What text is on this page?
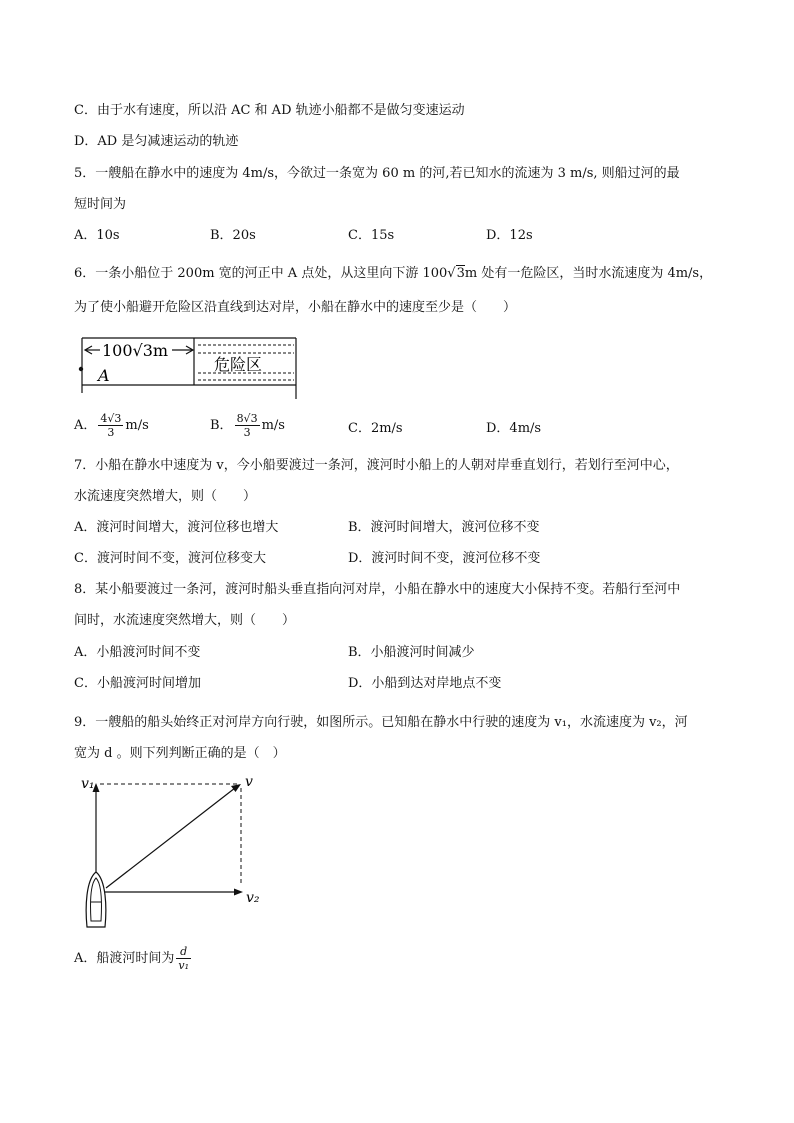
C．由于水有速度，所以沿 AC 和 AD 轨迹小船都不是做匀变速运动
D．AD 是匀减速运动的轨迹
5．一艘船在静水中的速度为 4m/s，今欲过一条宽为 60 m 的河,若已知水的流速为 3 m/s, 则船过河的最
短时间为
A．10s	B．20s	C．15s	D．12s
6．一条小船位于 200m 宽的河正中 A 点处，从这里向下游 100√3m 处有一危险区，当时水流速度为 4m/s，
为了使小船避开危险区沿直线到达对岸，小船在静水中的速度至少是（　　）
100√3m
A
危险区
A． $\frac{4√3}{3} m/s$	B． $\frac{8√3}{3} m/s$	C．2m/s	D．4m/s
7．小船在静水中速度为 v，今小船要渡过一条河，渡河时小船上的人朝对岸垂直划行，若划行至河中心，
水流速度突然增大，则（　　）
A．渡河时间增大，渡河位移也增大	B．渡河时间增大，渡河位移不变
C．渡河时间不变，渡河位移变大	D．渡河时间不变，渡河位移不变
8．某小船要渡过一条河，渡河时船头垂直指向河对岸，小船在静水中的速度大小保持不变。若船行至河中
间时，水流速度突然增大，则（　　）
A．小船渡河时间不变	B．小船渡河时间减少
C．小船渡河时间增加	D．小船到达对岸地点不变
9．一艘船的船头始终正对河岸方向行驶，如图所示。已知船在静水中行驶的速度为 v₁，水流速度为 v₂，河
宽为 d 。则下列判断正确的是（　）
v₁	v
v₂
A．船渡河时间为 $\frac{d}{\text{v₁}}$
